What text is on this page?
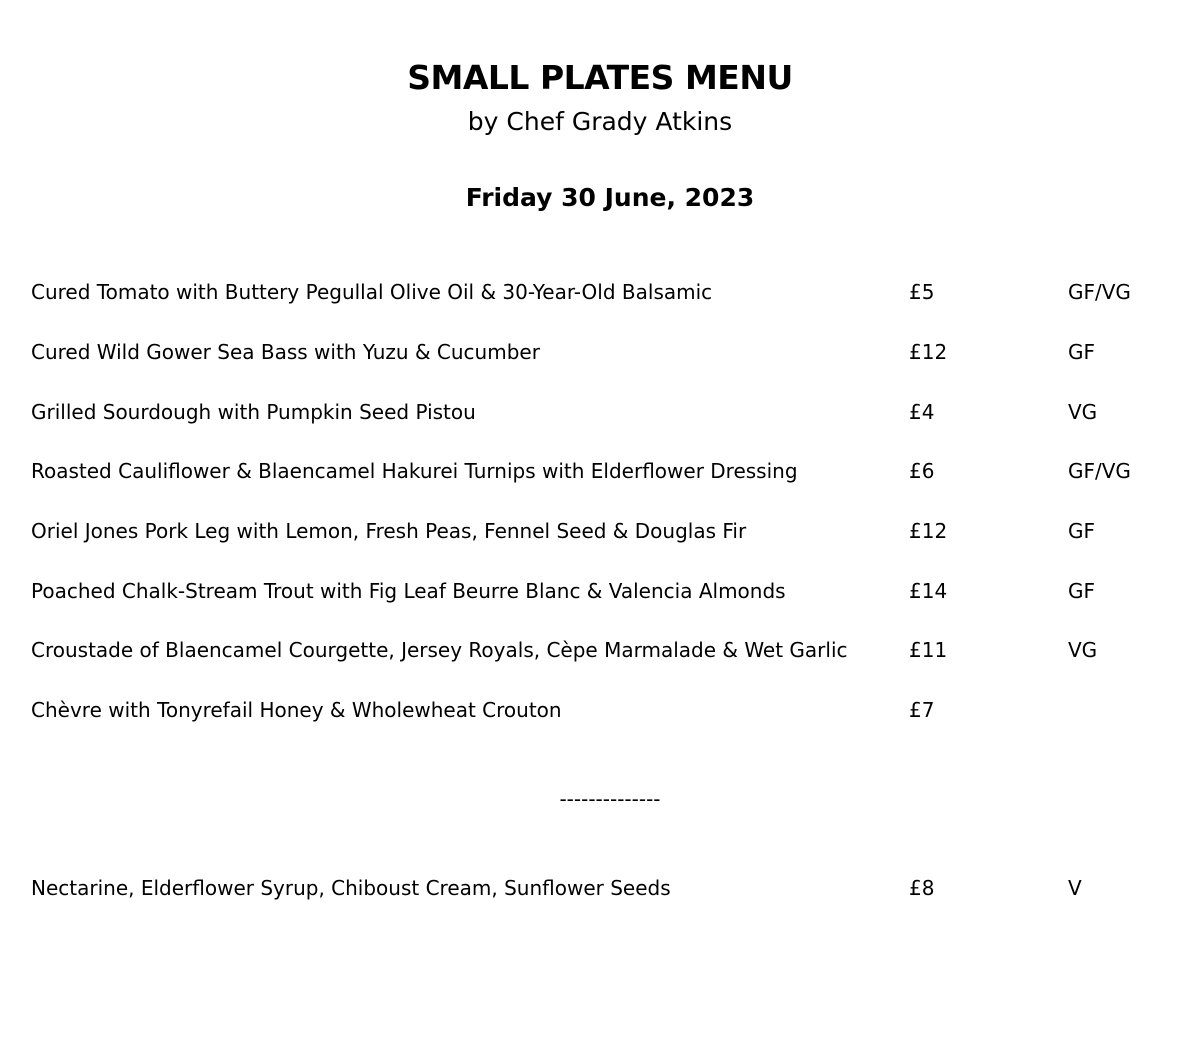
SMALL PLATES MENU
by Chef Grady Atkins
Friday 30 June, 2023
Cured Tomato with Buttery Pegullal Olive Oil & 30-Year-Old Balsamic	£5	GF/VG
Cured Wild Gower Sea Bass with Yuzu & Cucumber	£12	GF
Grilled Sourdough with Pumpkin Seed Pistou	£4	VG
Roasted Cauliflower & Blaencamel Hakurei Turnips with Elderflower Dressing	£6	GF/VG
Oriel Jones Pork Leg with Lemon, Fresh Peas, Fennel Seed & Douglas Fir	£12	GF
Poached Chalk-Stream Trout with Fig Leaf Beurre Blanc & Valencia Almonds	£14	GF
Croustade of Blaencamel Courgette, Jersey Royals, Cèpe Marmalade & Wet Garlic	£11	VG
Chèvre with Tonyrefail Honey & Wholewheat Crouton	£7
--------------
Nectarine, Elderflower Syrup, Chiboust Cream, Sunflower Seeds	£8	V
